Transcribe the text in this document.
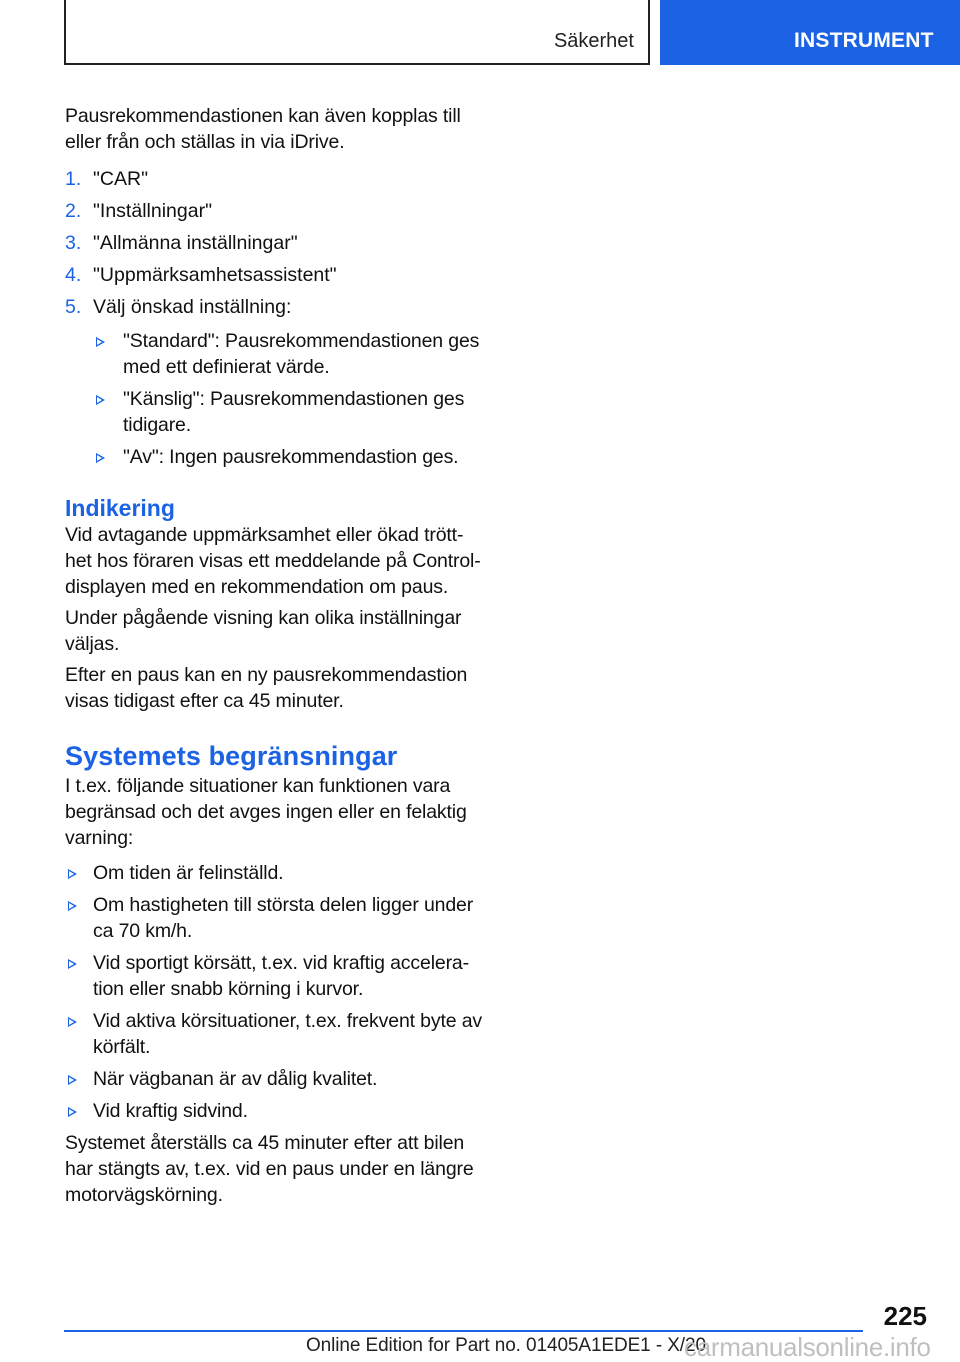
Säkerhet	INSTRUMENT

Pausrekommendastionen kan även kopplas till eller från och ställas in via iDrive.

1. "CAR"
2. "Inställningar"
3. "Allmänna inställningar"
4. "Uppmärksamhetsassistent"
5. Välj önskad inställning:
"Standard": Pausrekommendastionen ges med ett definierat värde.
"Känslig": Pausrekommendastionen ges tidigare.
"Av": Ingen pausrekommendastion ges.
Indikering

Vid avtagande uppmärksamhet eller ökad trötthet hos föraren visas ett meddelande på Controldisplayen med en rekommendation om paus.

Under pågående visning kan olika inställningar väljas.

Efter en paus kan en ny pausrekommendastion visas tidigast efter ca 45 minuter.

Systemets begränsningar

I t.ex. följande situationer kan funktionen vara begränsad och det avges ingen eller en felaktig varning:

Om tiden är felinställd.
Om hastigheten till största delen ligger under ca 70 km/h.
Vid sportigt körsätt, t.ex. vid kraftig acceleration eller snabb körning i kurvor.
Vid aktiva körsituationer, t.ex. frekvent byte av körfält.
När vägbanan är av dålig kvalitet.
Vid kraftig sidvind.

Systemet återställs ca 45 minuter efter att bilen har stängts av, t.ex. vid en paus under en längre motorvägskörning.

225
Online Edition for Part no. 01405A1EDE1 - X/20
carmanualsonline.info
